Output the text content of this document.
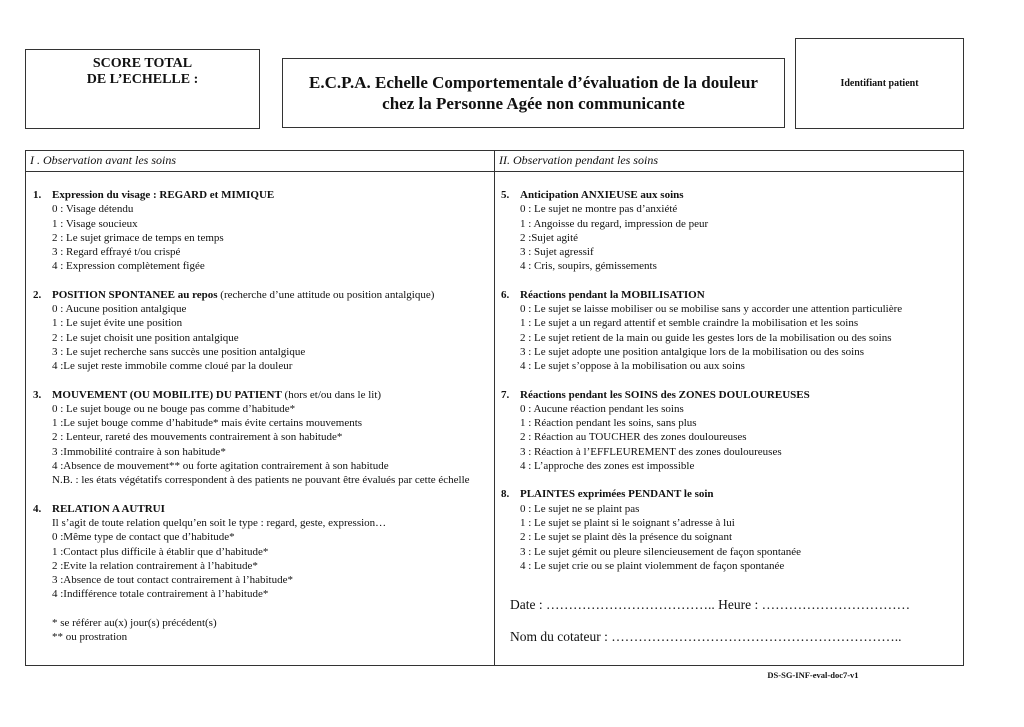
SCORE TOTAL
DE L’ECHELLE :	E.C.P.A. Echelle Comportementale d’évaluation de la douleur
chez la Personne Agée non communicante
Identifiant patient
I . Observation avant les soins	II. Observation pendant les soins
1. Expression du visage : REGARD et MIMIQUE
0 : Visage détendu
1 : Visage soucieux
2 : Le sujet grimace de temps en temps
3 : Regard effrayé t/ou crispé
4 : Expression complètement figée
2. POSITION SPONTANEE au repos (recherche d’une attitude ou position antalgique)
0 : Aucune position antalgique
1 : Le sujet évite une position
2 : Le sujet choisit une position antalgique
3 : Le sujet recherche sans succès une position antalgique
4 :Le sujet reste immobile comme cloué par la douleur
3. MOUVEMENT (OU MOBILITE) DU PATIENT (hors et/ou dans le lit)
0 : Le sujet bouge ou ne bouge pas comme d’habitude*
1 :Le sujet bouge comme d’habitude* mais évite certains mouvements
2 : Lenteur, rareté des mouvements contrairement à son habitude*
3 :Immobilité contraire à son habitude*
4 :Absence de mouvement** ou forte agitation contrairement à son habitude
N.B. : les états végétatifs correspondent à des patients ne pouvant être évalués par cette échelle
4. RELATION A AUTRUI
Il s’agit de toute relation quelqu’en soit le type : regard, geste, expression…
0 :Même type de contact que d’habitude*
1 :Contact plus difficile à établir que d’habitude*
2 :Evite la relation contrairement à l’habitude*
3 :Absence de tout contact contrairement à l’habitude*
4 :Indifférence totale contrairement à l’habitude*
* se référer au(x) jour(s) précédent(s)
** ou prostration
5. Anticipation ANXIEUSE aux soins
0 : Le sujet ne montre pas d’anxiété
1 : Angoisse du regard, impression de peur
2 :Sujet agité
3 : Sujet agressif
4 : Cris, soupirs, gémissements
6. Réactions pendant la MOBILISATION
0 : Le sujet se laisse mobiliser ou se mobilise sans y accorder une attention particulière
1 : Le sujet a un regard attentif et semble craindre la mobilisation et les soins
2 : Le sujet retient de la main ou guide les gestes lors de la mobilisation ou des soins
3 : Le sujet adopte une position antalgique lors de la mobilisation ou des soins
4 : Le sujet s’oppose à la mobilisation ou aux soins
7. Réactions pendant les SOINS des ZONES DOULOUREUSES
0 : Aucune réaction pendant les soins
1 : Réaction pendant les soins, sans plus
2 : Réaction au TOUCHER des zones douloureuses
3 : Réaction à l’EFFLEUREMENT des zones douloureuses
4 : L’approche des zones est impossible
8. PLAINTES exprimées PENDANT le soin
0 : Le sujet ne se plaint pas
1 : Le sujet se plaint si le soignant s’adresse à lui
2 : Le sujet se plaint dès la présence du soignant
3 : Le sujet gémit ou pleure silencieusement de façon spontanée
4 : Le sujet crie ou se plaint violemment de façon spontanée
Date : ……………………………….. Heure : ……………………………
Nom du cotateur : ………………………………………………………..
DS-SG-INF-eval-doc7-v1
